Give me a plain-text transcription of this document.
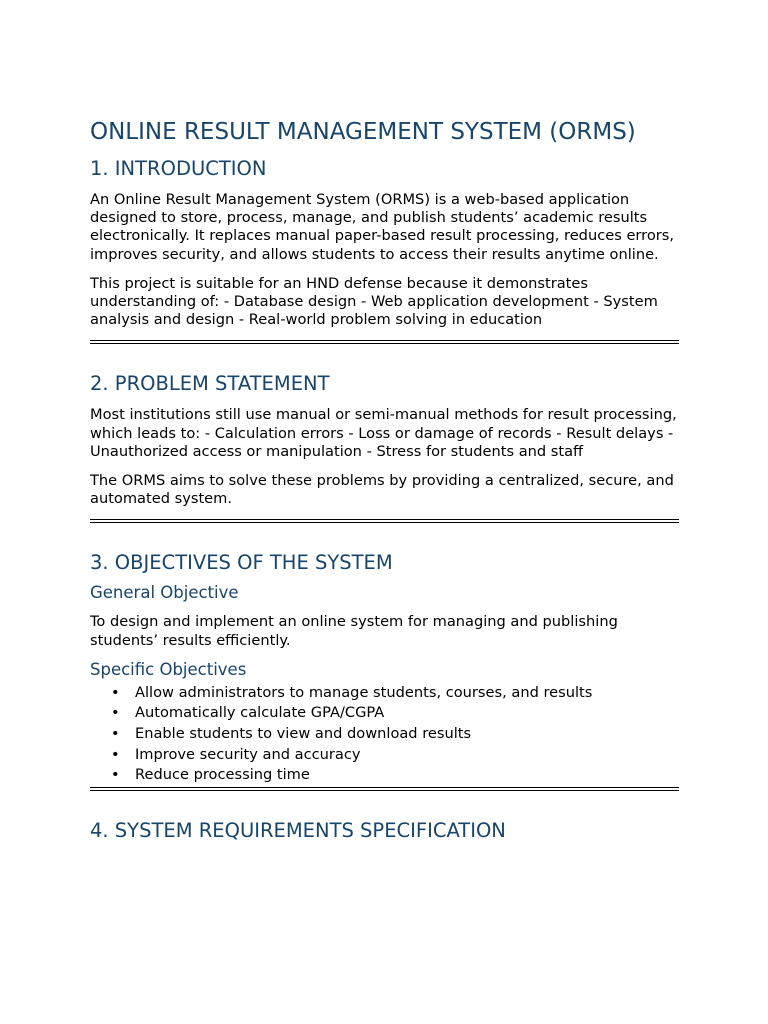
ONLINE RESULT MANAGEMENT SYSTEM (ORMS)
1. INTRODUCTION

An Online Result Management System (ORMS) is a web-based application designed to store, process, manage, and publish students’ academic results electronically. It replaces manual paper-based result processing, reduces errors, improves security, and allows students to access their results anytime online.

This project is suitable for an HND defense because it demonstrates understanding of: - Database design - Web application development - System analysis and design - Real-world problem solving in education

2. PROBLEM STATEMENT

Most institutions still use manual or semi-manual methods for result processing, which leads to: - Calculation errors - Loss or damage of records - Result delays - Unauthorized access or manipulation - Stress for students and staff

The ORMS aims to solve these problems by providing a centralized, secure, and automated system.

3. OBJECTIVES OF THE SYSTEM
General Objective

To design and implement an online system for managing and publishing students’ results efficiently.

Specific Objectives
• Allow administrators to manage students, courses, and results
• Automatically calculate GPA/CGPA
• Enable students to view and download results
• Improve security and accuracy
• Reduce processing time
4. SYSTEM REQUIREMENTS SPECIFICATION
